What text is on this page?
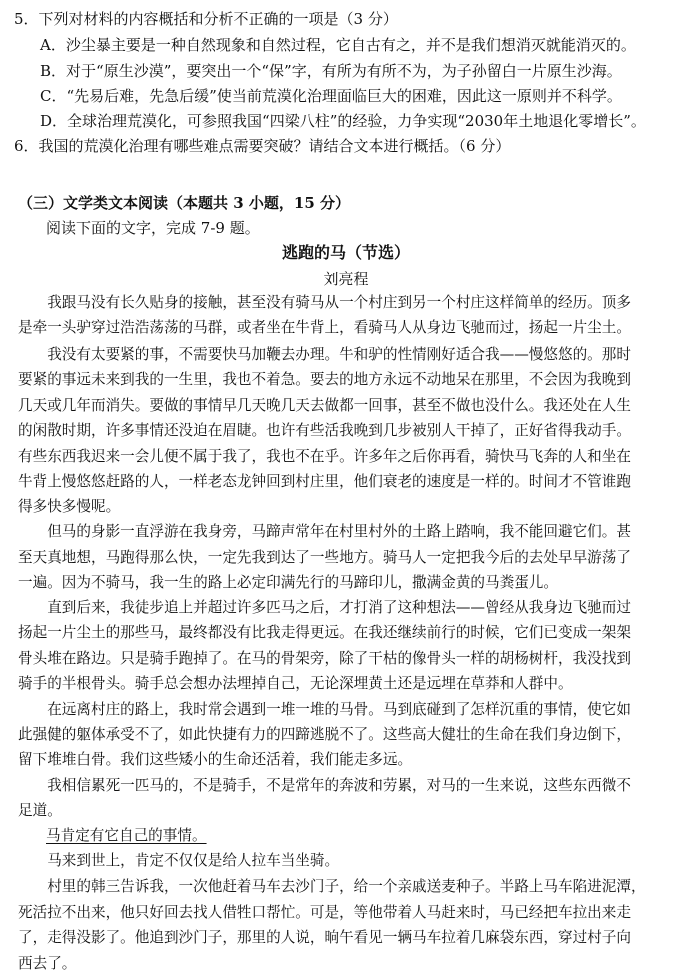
5．下列对材料的内容概括和分析不正确的一项是（3 分）
A．沙尘暴主要是一种自然现象和自然过程，它自古有之，并不是我们想消灭就能消灭的。
B．对于“原生沙漠”，要突出一个“保”字，有所为有所不为，为子孙留白一片原生沙海。
C．“先易后难，先急后缓”使当前荒漠化治理面临巨大的困难，因此这一原则并不科学。
D．全球治理荒漠化，可参照我国“四梁八柱”的经验，力争实现“2030年土地退化零增长”。
6．我国的荒漠化治理有哪些难点需要突破？请结合文本进行概括。（6 分）
（三）文学类文本阅读（本题共 3 小题，15 分）
阅读下面的文字，完成 7-9 题。
逃跑的马（节选）
刘亮程
　　我跟马没有长久贴身的接触，甚至没有骑马从一个村庄到另一个村庄这样简单的经历。顶多
是牵一头驴穿过浩浩荡荡的马群，或者坐在牛背上，看骑马人从身边飞驰而过，扬起一片尘土。
　　我没有太要紧的事，不需要快马加鞭去办理。牛和驴的性情刚好适合我——慢悠悠的。那时
要紧的事远未来到我的一生里，我也不着急。要去的地方永远不动地呆在那里，不会因为我晚到
几天或几年而消失。要做的事情早几天晚几天去做都一回事，甚至不做也没什么。我还处在人生
的闲散时期，许多事情还没迫在眉睫。也许有些活我晚到几步被别人干掉了，正好省得我动手。
有些东西我迟来一会儿便不属于我了，我也不在乎。许多年之后你再看，骑快马飞奔的人和坐在
牛背上慢悠悠赶路的人，一样老态龙钟回到村庄里，他们衰老的速度是一样的。时间才不管谁跑
得多快多慢呢。
　　但马的身影一直浮游在我身旁，马蹄声常年在村里村外的土路上踏响，我不能回避它们。甚
至天真地想，马跑得那么快，一定先我到达了一些地方。骑马人一定把我今后的去处早早游荡了
一遍。因为不骑马，我一生的路上必定印满先行的马蹄印儿，撒满金黄的马粪蛋儿。
　　直到后来，我徒步追上并超过许多匹马之后，才打消了这种想法——曾经从我身边飞驰而过
扬起一片尘土的那些马，最终都没有比我走得更远。在我还继续前行的时候，它们已变成一架架
骨头堆在路边。只是骑手跑掉了。在马的骨架旁，除了干枯的像骨头一样的胡杨树杆，我没找到
骑手的半根骨头。骑手总会想办法埋掉自己，无论深埋黄土还是远埋在草莽和人群中。
　　在远离村庄的路上，我时常会遇到一堆一堆的马骨。马到底碰到了怎样沉重的事情，使它如
此强健的躯体承受不了，如此快捷有力的四蹄逃脱不了。这些高大健壮的生命在我们身边倒下，
留下堆堆白骨。我们这些矮小的生命还活着，我们能走多远。
　　我相信累死一匹马的，不是骑手，不是常年的奔波和劳累，对马的一生来说，这些东西微不
足道。
马肯定有它自己的事情。
　　马来到世上，肯定不仅仅是给人拉车当坐骑。
　　村里的韩三告诉我，一次他赶着马车去沙门子，给一个亲戚送麦种子。半路上马车陷进泥潭，
死活拉不出来，他只好回去找人借牲口帮忙。可是，等他带着人马赶来时，马已经把车拉出来走
了，走得没影了。他追到沙门子，那里的人说，晌午看见一辆马车拉着几麻袋东西，穿过村子向
西去了。
